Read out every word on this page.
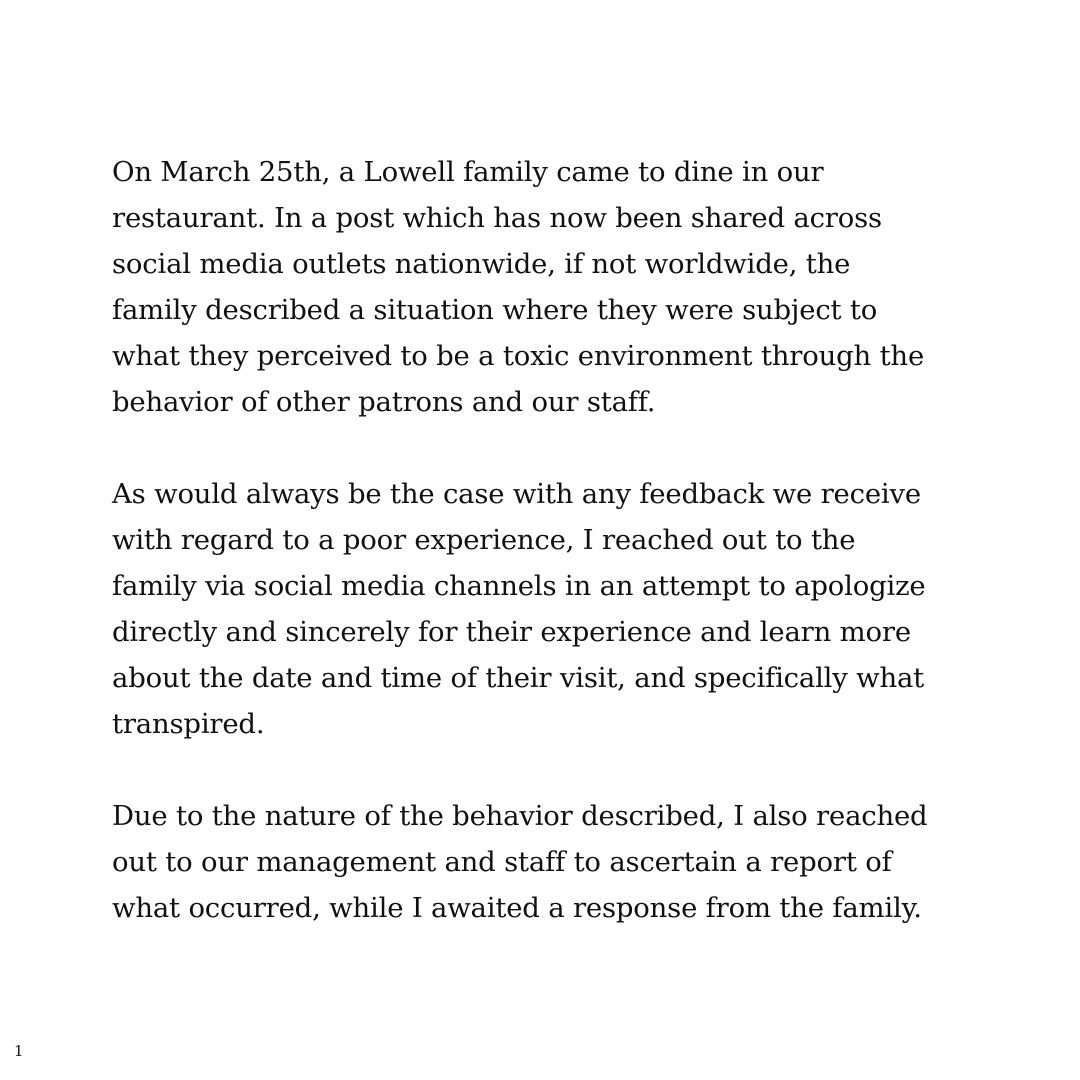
On March 25th, a Lowell family came to dine in our
restaurant. In a post which has now been shared across
social media outlets nationwide, if not worldwide, the
family described a situation where they were subject to
what they perceived to be a toxic environment through the
behavior of other patrons and our staff.
As would always be the case with any feedback we receive
with regard to a poor experience, I reached out to the
family via social media channels in an attempt to apologize
directly and sincerely for their experience and learn more
about the date and time of their visit, and specifically what
transpired.
Due to the nature of the behavior described, I also reached
out to our management and staff to ascertain a report of
what occurred, while I awaited a response from the family.
1
